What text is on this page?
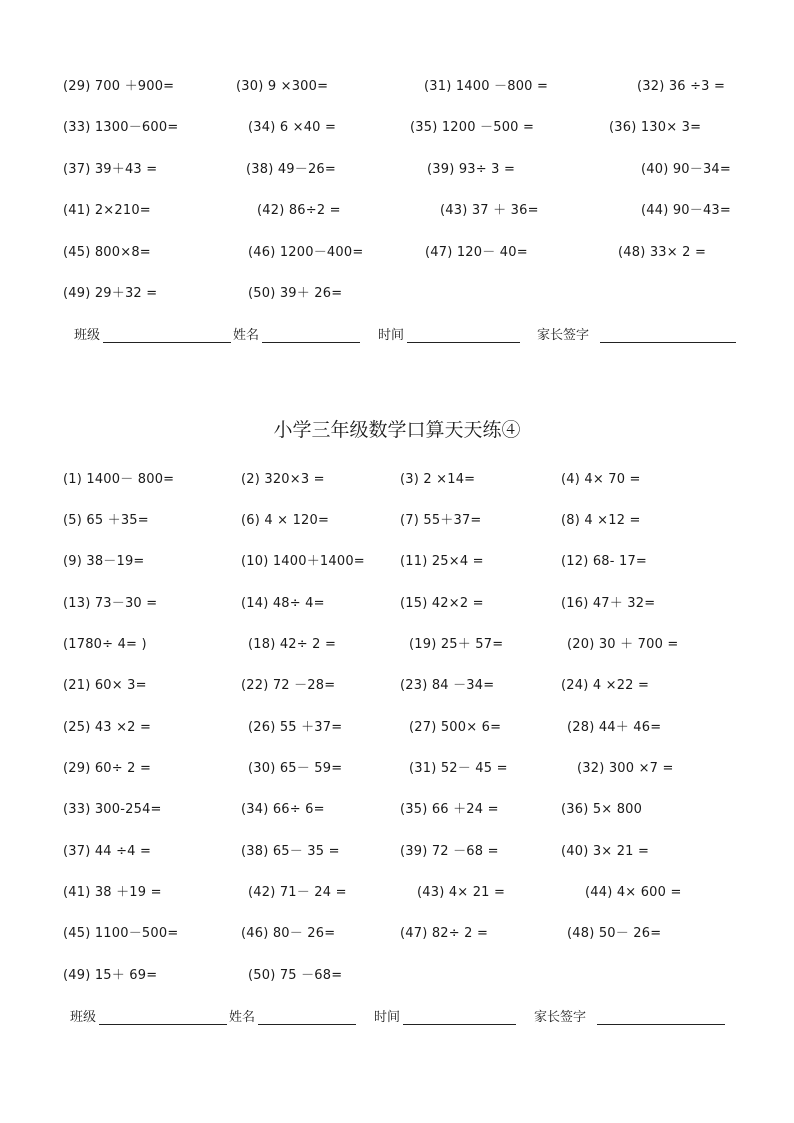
(29) 700 ＋900=	(30) 9 ×300=	(31) 1400 －800 =	(32) 36 ÷3 =
(33) 1300－600=	(34) 6 ×40 =	(35) 1200 －500 =	(36) 130× 3=
(37) 39＋43 =	(38) 49－26=	(39) 93÷ 3 =	(40) 90－34=
(41) 2×210=	(42) 86÷2 =	(43) 37 ＋ 36=	(44) 90－43=
(45) 800×8=	(46) 1200－400=	(47) 120－ 40=	(48) 33× 2 =
(49) 29＋32 =	(50) 39＋ 26=
班级	姓名	时间	家长签字
小学三年级数学口算天天练④
(1) 1400－ 800=	(2) 320×3 =	(3) 2 ×14=	(4) 4× 70 =
(5) 65 ＋35=	(6) 4 × 120=	(7) 55＋37=	(8) 4 ×12 =
(9) 38－19=	(10) 1400＋1400=	(11) 25×4 =	(12) 68- 17=
(13) 73－30 =	(14) 48÷ 4=	(15) 42×2 =	(16) 47＋ 32=
(1780÷ 4= )	(18) 42÷ 2 =	(19) 25＋ 57=	(20) 30 ＋ 700 =
(21) 60× 3=	(22) 72 －28=	(23) 84 －34=	(24) 4 ×22 =
(25) 43 ×2 =	(26) 55 ＋37=	(27) 500× 6=	(28) 44＋ 46=
(29) 60÷ 2 =	(30) 65－ 59=	(31) 52－ 45 =	(32) 300 ×7 =
(33) 300-254=	(34) 66÷ 6=	(35) 66 ＋24 =	(36) 5× 800
(37) 44 ÷4 =	(38) 65－ 35 =	(39) 72 －68 =	(40) 3× 21 =
(41) 38 ＋19 =	(42) 71－ 24 =	(43) 4× 21 =	(44) 4× 600 =
(45) 1100－500=	(46) 80－ 26=	(47) 82÷ 2 =	(48) 50－ 26=
(49) 15＋ 69=	(50) 75 －68=
班级	姓名	时间	家长签字
